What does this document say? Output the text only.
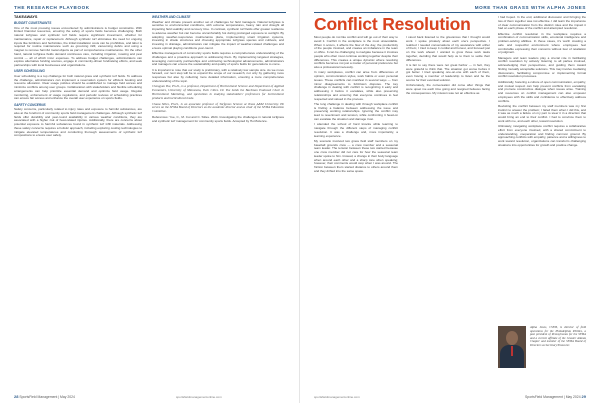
THE RESEARCH PLAYBOOK
TAKEAWAYS
BUDGET CONSTRAINTS

One of the most pressing issues encountered by administrators is budget constraints. With limited financial resources, ensuring the safety of sports fields becomes challenging. Both natural turfgrass and synthetic turf fields require significant investment, whether for maintenance, repair or replacement. Although synthetic turf eliminates the need for ongoing inputs like fertilizers and herbicides, the initial installation costs can be prohibitive, and labor is required for routine maintenance such as grooming infill, vacuuming debris and using a magnet to remove harmful metal objects as part of comprehensive maintenance. On the other hand, natural turfgrass fields demand continuous care, including irrigation, mowing and pest control — all of which incur expenses. To address budget challenges, administrators can explore alternative funding sources, engage in community-driven fundraising efforts, and seek partnerships with local businesses and organizations.

USER SCHEDULING

User scheduling is a top challenge for both natural grass and synthetic turf fields. To address the challenge, administrators can implement a reservation system for efficient booking and resource allocation. Clear usage policies should be established to manage field access and minimize conflicts among user groups. Collaboration with stakeholders and flexible scheduling arrangements can help prioritize essential demand and optimize field usage. Regular monitoring, enforcement of usage regulations, and periodic reviews of scheduling practices can ensure fair access and enhance the overall user experience on sports fields.

SAFETY CONCERNS

Safety concerns, particularly related to injury rates and exposure to harmful substances, are also at the forefront of community sports field management challenges. Although synthetic turf fields offer durability and year-round availability in various weather conditions, they are associated with a higher risk of heat-related injuries. Additionally, there are concerns about potential exposure to harmful substances found in synthetic turf infill materials. Addressing these safety concerns requires a holistic approach, including exploring cooling technologies to mitigate elevated temperatures and conducting thorough assessments of synthetic turf compositions to ensure user safety.

WEATHER AND CLIMATE

Weather and climate present another set of challenges for field managers. Natural turfgrass is sensitive to environmental conditions, with extreme temperatures, heavy rain and drought all impacting field usability and recovery time. In contrast, synthetic turf fields offer greater resilience to adverse weather but can become uncomfortably hot during prolonged exposure to sunlight. By adopting weather-responsive maintenance plans, implementing smart irrigation systems, investing in shade structures and choosing appropriate turfgrass species and cultivars, and investing in drainage, administrators can mitigate the impact of weather-related challenges and ensure optimal playing conditions year-round.

Effective management of community sports fields requires a comprehensive understanding of the challenges and a proactive approach to addressing them. By implementing targeted strategies, leveraging community partnerships and embracing technological advancements, administrators and managers can ensure the sustainability and quality of sports fields for generations to come.

It is important to note that our study is preliminary, with a relatively low sample size. As we move forward, our next step will be to expand the scope of our research, not only by gathering more responses but also by collecting more detailed information, ensuring a more comprehensive understanding of the topic.

Chengyan Yue, Ph.D., is a professor, Department of Horticultural Science and Department of Applied Economics, University of Minnesota, Twin Cities. Dr. Yue holds the Bachman Endowed Chair in Horticultural Marketing, and specializes in studying stakeholders' preferences for horticultural products and horticultural trade.

Chaoa Stiles, Ph.D., is an associate professor of Turfgrass Science at Texas A&M University. He serves on the SFMA Board of Directors as the academic director and as chair of the SFMA Education Committee.

References: Yue, C., M. Cui and C. Stiles. 2024. Investigating the challenges in natural turfgrass and synthetic turf management for community sports fields. Accepted by HortScience.

28 SportsField Management | May 2024	sportsfieldmanagementonline.com
MORE THAN GRASS WITH ALPHA JONES
Conflict Resolution

Most people do not like conflict and will go out of their way to avoid it. Conflict in the workplace is the most unavoidable. When it occurs, it affects the flow of the day, the productivity of the people involved, and creates an imbalance in the team or office. It can be challenging to navigate because it involves people who often must continue working together despite their differences. This creates a unique dynamic where resolving conflicts becomes not just a matter of personal preference but also a professional necessity.

In many workplaces, conflict can arise from differences of opinion, communication styles, work habits or even personal issues. These conflicts can manifest in several ways — from minor disagreements to full-blown disputes. The key challenge in dealing with conflict is recognizing it early and addressing it before it escalates, while also preserving relationships and ensuring that everyone continues to feel respected and valued in the process.

The long challenge in dealing with through workplace conflict is finding a balance between addressing the issue and preserving working relationships. Ignoring the conflict may lead to resentment and tension, while confronting it head-on can escalate the situation and damage trust.

I attended the school of hard knocks while learning to navigate through the different steps of managing conflict resolution. It was a challenge and, more importantly, a learning experience.

My scenario involved two grass field staff members on my baseball grounds crew — a crew member and a seasonal team leader. The tension between these two started because one crew member did not care for how the seasonal team leader spoke to him. Instead, a change in their body language when around each other and a sharp tone when speaking; however, their comments would stop when I was around. The friction between them started distance to others around them and they drifted into the same space.

I stood back listened to the grievances that I thought would work. I spoke privately about each one's perspective. I realized I needed conversations of my assistance with either of them; I tried to keep it cordial and honest, and focused just on the work ahead. I wanted to grow those work tasks together, deciding that would help us to them to settle their differences.

It is fair to say there were not great harbor — in fact, they were grateful to think that. The situation got worse before it got better. I tried speaking one-on-one with each of them, even having a member of leadership to listen and be the source for their eventual solution.

Unfortunately, the conversation did come after things that were upset me each time going and resigned believes facing the consequences. My mission was not an effective as

I had hoped. In the end, additional discussion and bringing the two of them together was not effective. I did learn the importance of clear communication from the distinct roles and the impact it had on each phase of the conflict and attempted resolution.

Effective conflict resolution in the workplace requires a combination of communication skills, emotional intelligence and problem-solving abilities. In these cases, it's worth creating a safe and respectful environment where employees feel comfortable expressing their concerns without fear of retaliation or judgment.

Managers and team leaders play a crucial role in facilitating conflict resolution by actively listening to all parties involved, acknowledging their perspectives, and guiding them toward finding mutually acceptable solutions. This may involve mediating discussions, facilitating compromise or implementing formal conflict resolution processes.

Additionally, fostering a culture of open communication, empathy, and mutual respect can help prevent conflicts from escalating and promote constructive dialogue when issues arise. Training and resources on conflict management can also empower employees with the skills and confidence to effectively address conflicts.

Revisiting the conflict between my staff members was my first instinct to answer the problem; I failed them when I did this, and it was as much a failure on my part to steer it in a direction that would bring an end to their conflict. I had to convince them to work with me, and each other, toward resolution.

Ultimately, navigating workplace conflict requires a collaborative effort from everyone involved, with a shared commitment to understanding, cooperation and finding common ground. By approaching conflicts with empathy, patience and a willingness to work toward resolution, organizations can transform challenging situations into opportunities for growth and positive change.

Alpha Jones, CSFM, is director of field operations for the Philadelphia Phillies, a past president of Pennsylvania for the SFMA and a current affiliate of the Greater Atlanta Chapter and member of the SFMA Board of Directors as Secretary/Treasurer.
sportsfieldmanagementonline.com	SportsField Management | May 2024 29
